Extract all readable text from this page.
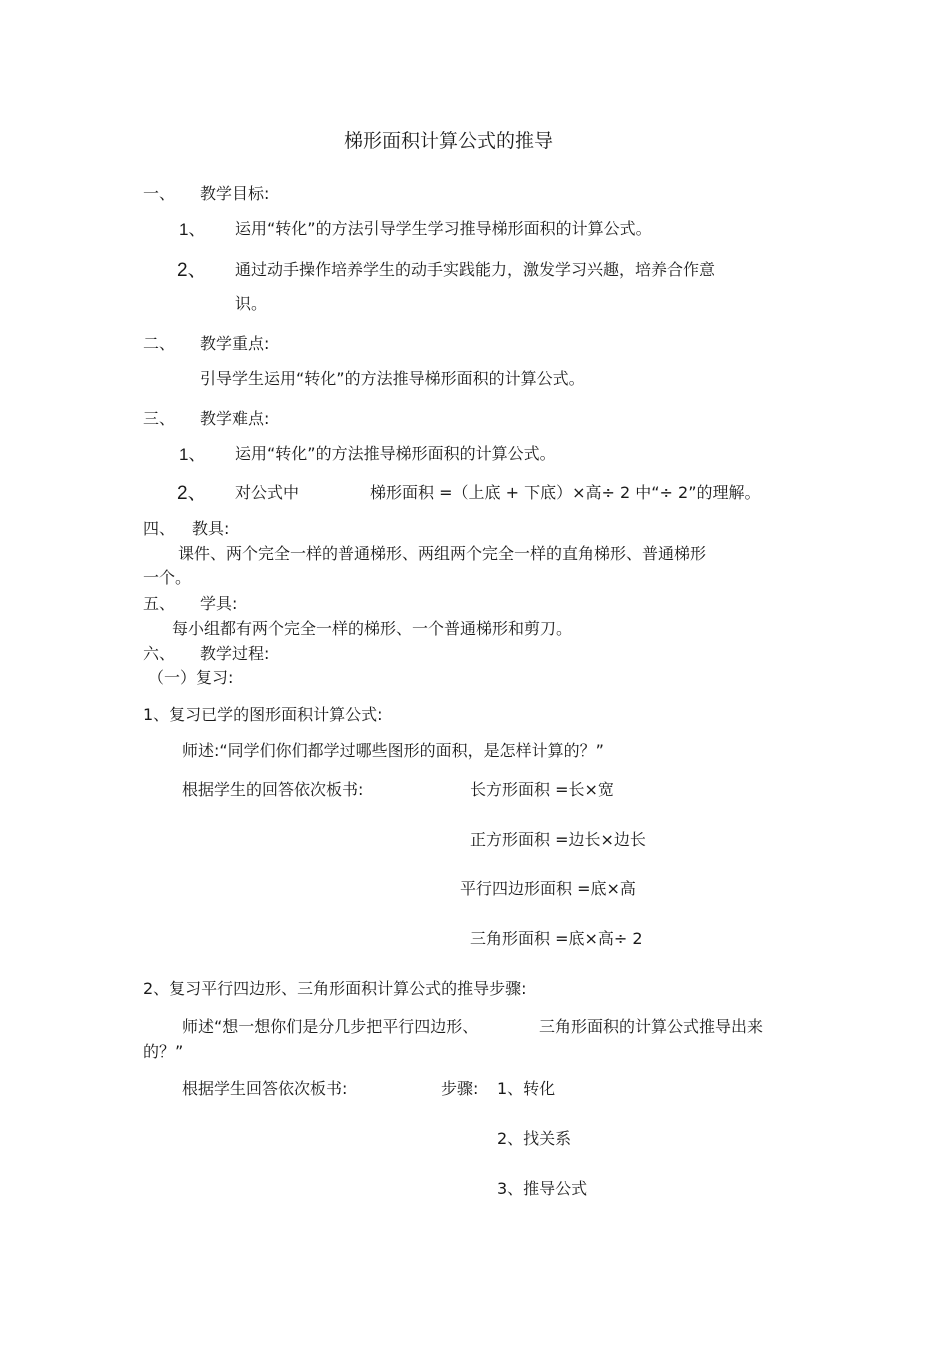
梯形面积计算公式的推导
一、 教学目标:
1、 运用“转化”的方法引导学生学习推导梯形面积的计算公式。
2、 通过动手操作培养学生的动手实践能力，激发学习兴趣，培养合作意
识。
二、 教学重点:
引导学生运用“转化”的方法推导梯形面积的计算公式。
三、 教学难点:
1、 运用“转化”的方法推导梯形面积的计算公式。
2、 对公式中	梯形面积 =（上底 + 下底）×高÷ 2 中“÷ 2”的理解。
四、 教具:
课件、两个完全一样的普通梯形、两组两个完全一样的直角梯形、普通梯形
一个。
五、 学具:
每小组都有两个完全一样的梯形、一个普通梯形和剪刀。
六、 教学过程:
（一）复习:
1、复习已学的图形面积计算公式:
师述:“同学们你们都学过哪些图形的面积，是怎样计算的？”
根据学生的回答依次板书:	长方形面积 =长×宽
正方形面积 =边长×边长
平行四边形面积 =底×高
三角形面积 =底×高÷ 2
2、复习平行四边形、三角形面积计算公式的推导步骤:
师述“想一想你们是分几步把平行四边形、	三角形面积的计算公式推导出来
的？”
根据学生回答依次板书:	步骤: 1、转化
2、找关系
3、推导公式
